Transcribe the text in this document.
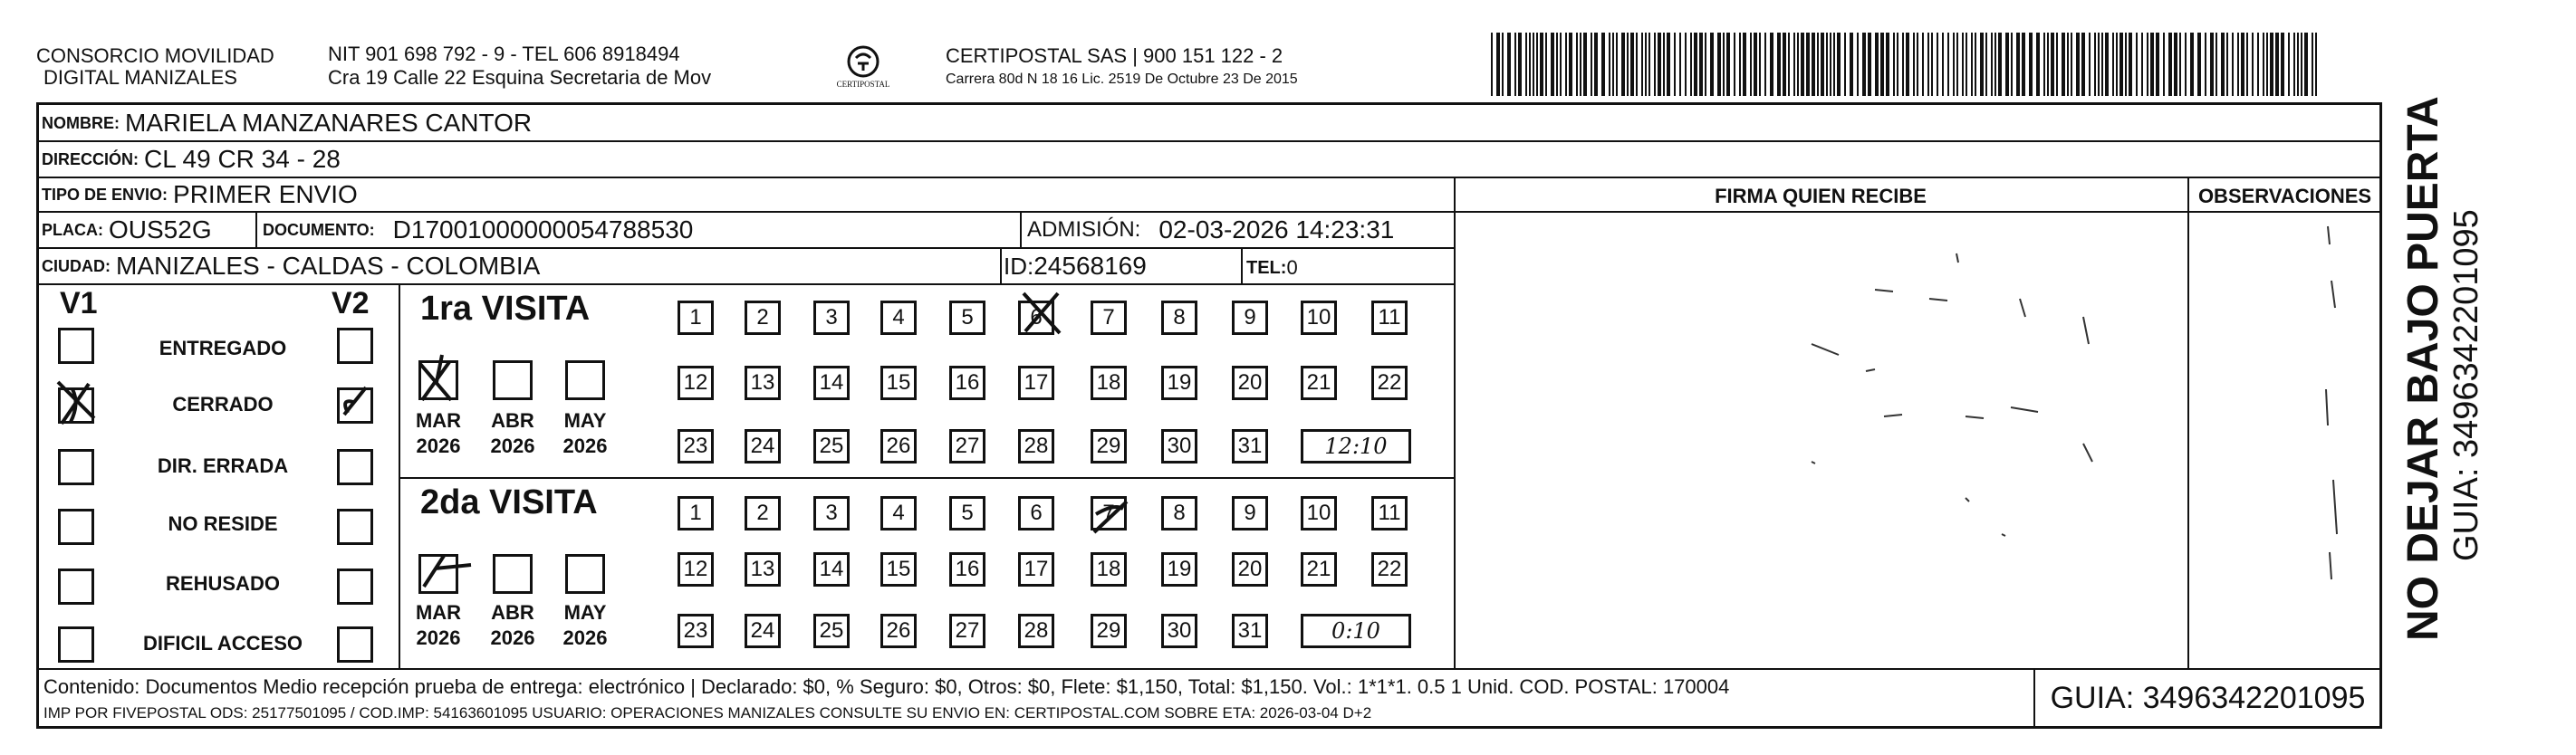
CONSORCIO MOVILIDAD
DIGITAL MANIZALES
NIT 901 698 792 - 9 - TEL 606 8918494
Cra 19 Calle 22 Esquina Secretaria de Mov	CERTIPOSTAL
CERTIPOSTAL SAS | 900 151 122 - 2
Carrera 80d N 18 16 Lic. 2519 De Octubre 23 De 2015
NOMBRE: MARIELA MANZANARES CANTOR
DIRECCIÓN: CL 49 CR 34 - 28
TIPO DE ENVIO: PRIMER ENVIO	FIRMA QUIEN RECIBE	OBSERVACIONES
PLACA: OUS52G	DOCUMENTO: D17001000000054788530	ADMISIÓN: 02-03-2026 14:23:31
CIUDAD: MANIZALES - CALDAS - COLOMBIA	ID: 24568169	TEL: 0
V1	V2
ENTREGADO
CERRADO
DIR. ERRADA
NO RESIDE
REHUSADO
DIFICIL ACCESO
1ra VISITA
2da VISITA
MAR
2026
ABR
2026
MAY
2026
MAR
2026
ABR
2026
MAY
2026
1	2	3	4	5	6	7	8	9	10	11
12 13 14 15 16 17 18 19 20 21 22
23 24 25 26 27 28 29 30 31	12:10
1	2	3	4	5	6	7	8	9	10	11
12 13 14 15 16 17 18 19 20 21 22
23 24 25 26 27 28 29 30 31	0:10
Contenido: Documentos Medio recepción prueba de entrega: electrónico | Declarado: $0, % Seguro: $0, Otros: $0, Flete: $1,150, Total: $1,150. Vol.: 1*1*1. 0.5 1 Unid. COD. POSTAL: 170004
IMP POR FIVEPOSTAL ODS: 25177501095 / COD.IMP: 54163601095 USUARIO: OPERACIONES MANIZALES CONSULTE SU ENVIO EN: CERTIPOSTAL.COM SOBRE ETA: 2026-03-04 D+2	GUIA: 3496342201095
NO DEJAR BAJO PUERTA GUIA: 3496342201095
